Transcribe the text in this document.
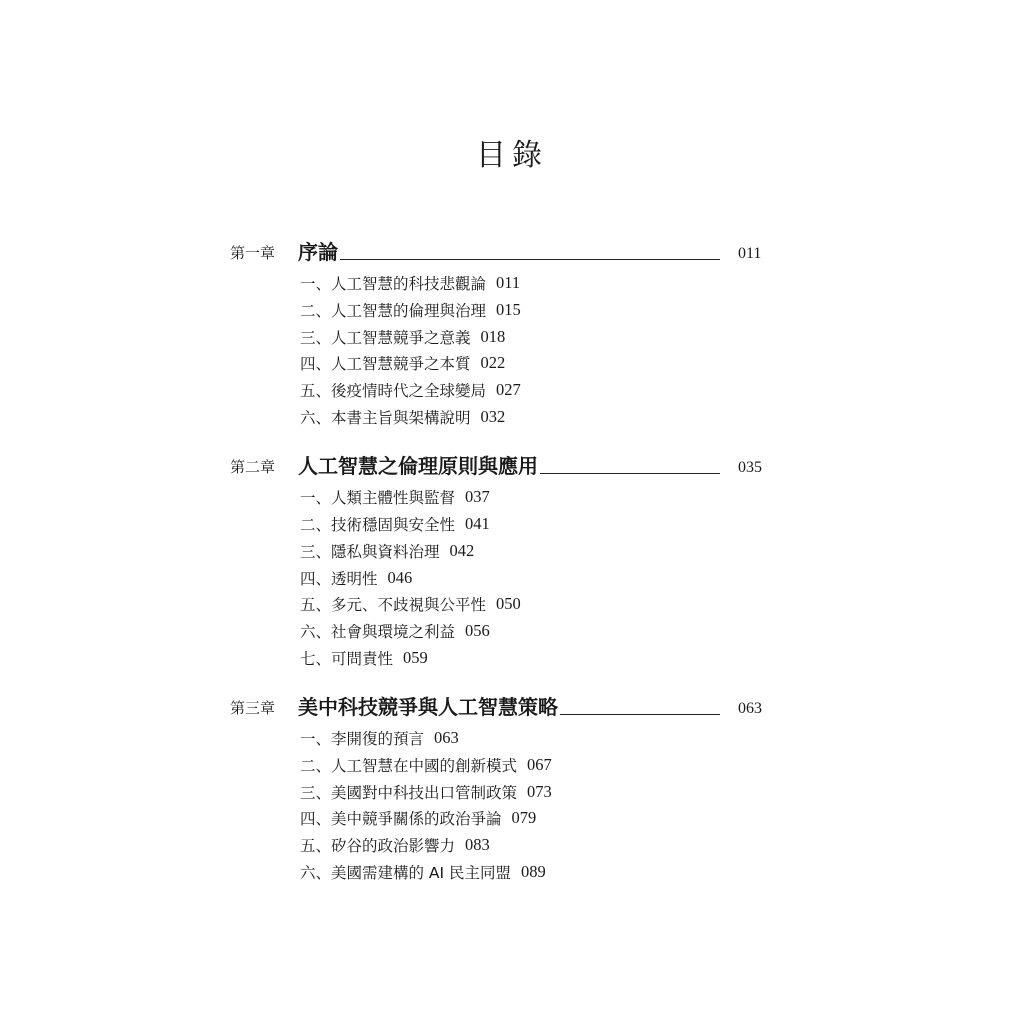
目錄
第一章	序論	011
一、人工智慧的科技悲觀論 011
二、人工智慧的倫理與治理 015
三、人工智慧競爭之意義 018
四、人工智慧競爭之本質 022
五、後疫情時代之全球變局 027
六、本書主旨與架構說明 032
第二章	人工智慧之倫理原則與應用	035
一、人類主體性與監督 037
二、技術穩固與安全性 041
三、隱私與資料治理 042
四、透明性 046
五、多元、不歧視與公平性 050
六、社會與環境之利益 056
七、可問責性 059
第三章	美中科技競爭與人工智慧策略	063
一、李開復的預言 063
二、人工智慧在中國的創新模式 067
三、美國對中科技出口管制政策 073
四、美中競爭關係的政治爭論 079
五、矽谷的政治影響力 083
六、美國需建構的 AI 民主同盟 089
